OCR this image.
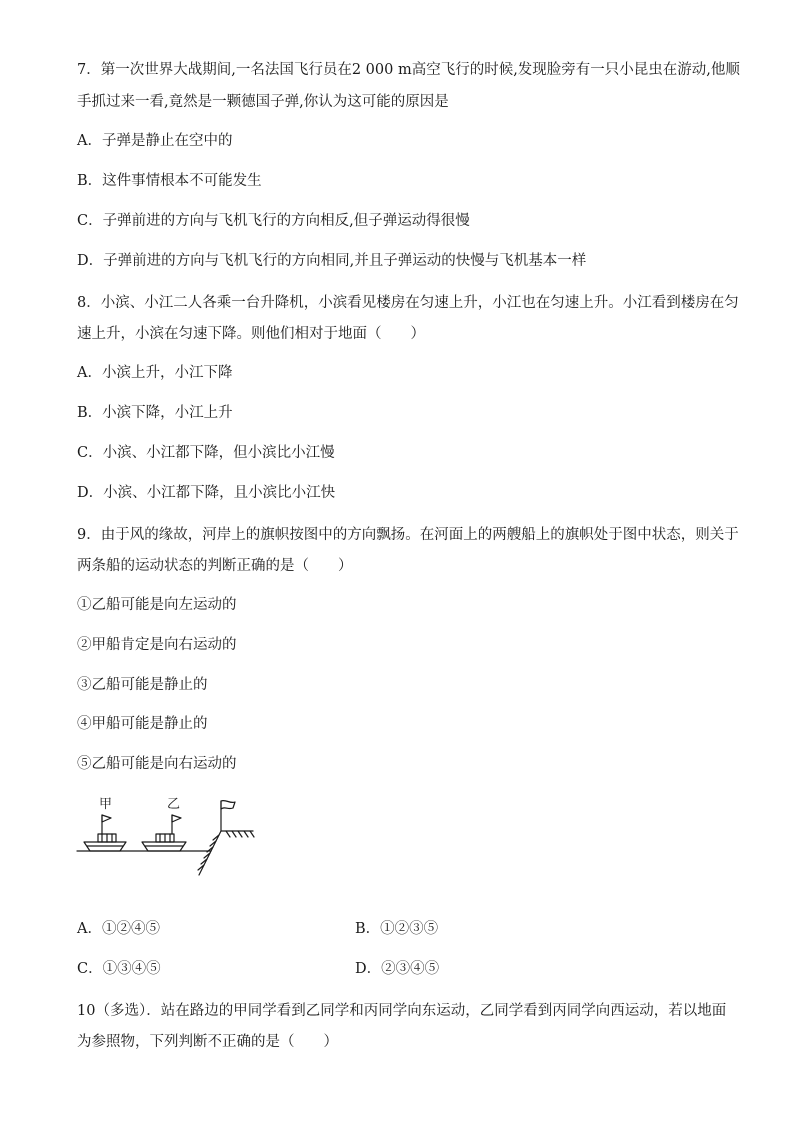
7．第一次世界大战期间,一名法国飞行员在2 000 m高空飞行的时候,发现脸旁有一只小昆虫在游动,他顺
手抓过来一看,竟然是一颗德国子弹,你认为这可能的原因是
A．子弹是静止在空中的
B．这件事情根本不可能发生
C．子弹前进的方向与飞机飞行的方向相反,但子弹运动得很慢
D．子弹前进的方向与飞机飞行的方向相同,并且子弹运动的快慢与飞机基本一样
8．小滨、小江二人各乘一台升降机，小滨看见楼房在匀速上升，小江也在匀速上升。小江看到楼房在匀
速上升，小滨在匀速下降。则他们相对于地面（　　）
A．小滨上升，小江下降
B．小滨下降，小江上升
C．小滨、小江都下降，但小滨比小江慢
D．小滨、小江都下降，且小滨比小江快
9．由于风的缘故，河岸上的旗帜按图中的方向飘扬。在河面上的两艘船上的旗帜处于图中状态，则关于
两条船的运动状态的判断正确的是（　　）
①乙船可能是向左运动的
②甲船肯定是向右运动的
③乙船可能是静止的
④甲船可能是静止的
⑤乙船可能是向右运动的
甲	乙
A．①②④⑤	B．①②③⑤
C．①③④⑤	D．②③④⑤
10（多选）．站在路边的甲同学看到乙同学和丙同学向东运动，乙同学看到丙同学向西运动，若以地面
为参照物，下列判断不正确的是（　　）
